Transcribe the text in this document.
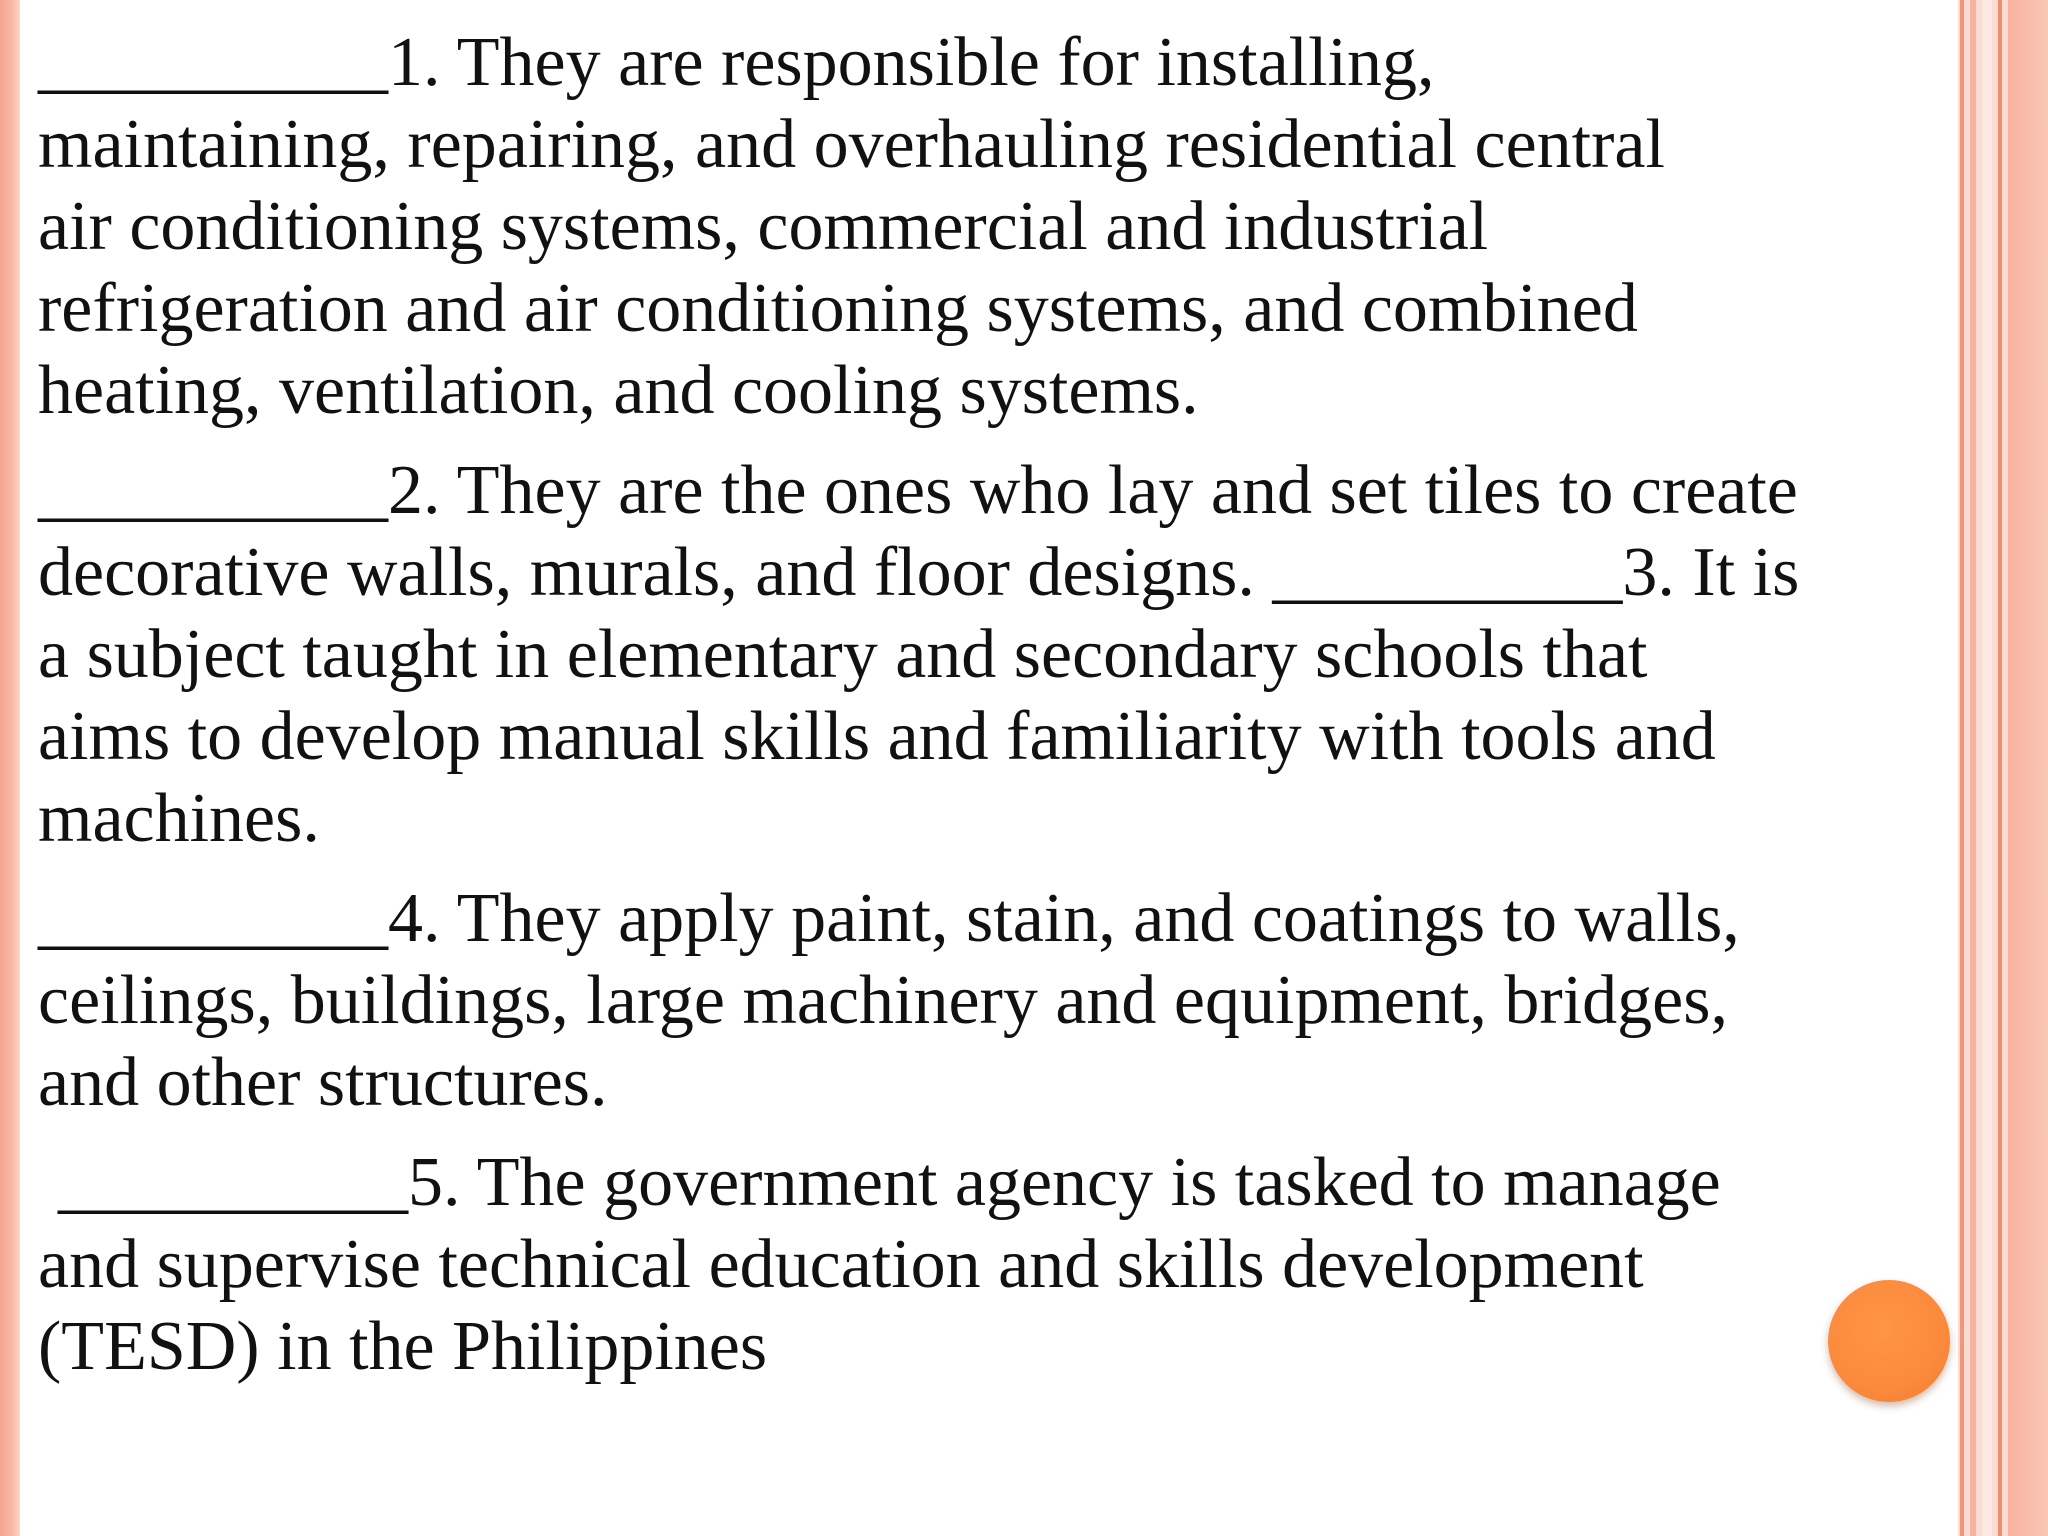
__________1. They are responsible for installing,
maintaining, repairing, and overhauling residential central
air conditioning systems, commercial and industrial
refrigeration and air conditioning systems, and combined
heating, ventilation, and cooling systems.
__________2. They are the ones who lay and set tiles to create
decorative walls, murals, and floor designs. __________3. It is
a subject taught in elementary and secondary schools that
aims to develop manual skills and familiarity with tools and
machines.
__________4. They apply paint, stain, and coatings to walls,
ceilings, buildings, large machinery and equipment, bridges,
and other structures.
__________5. The government agency is tasked to manage
and supervise technical education and skills development
(TESD) in the Philippines
